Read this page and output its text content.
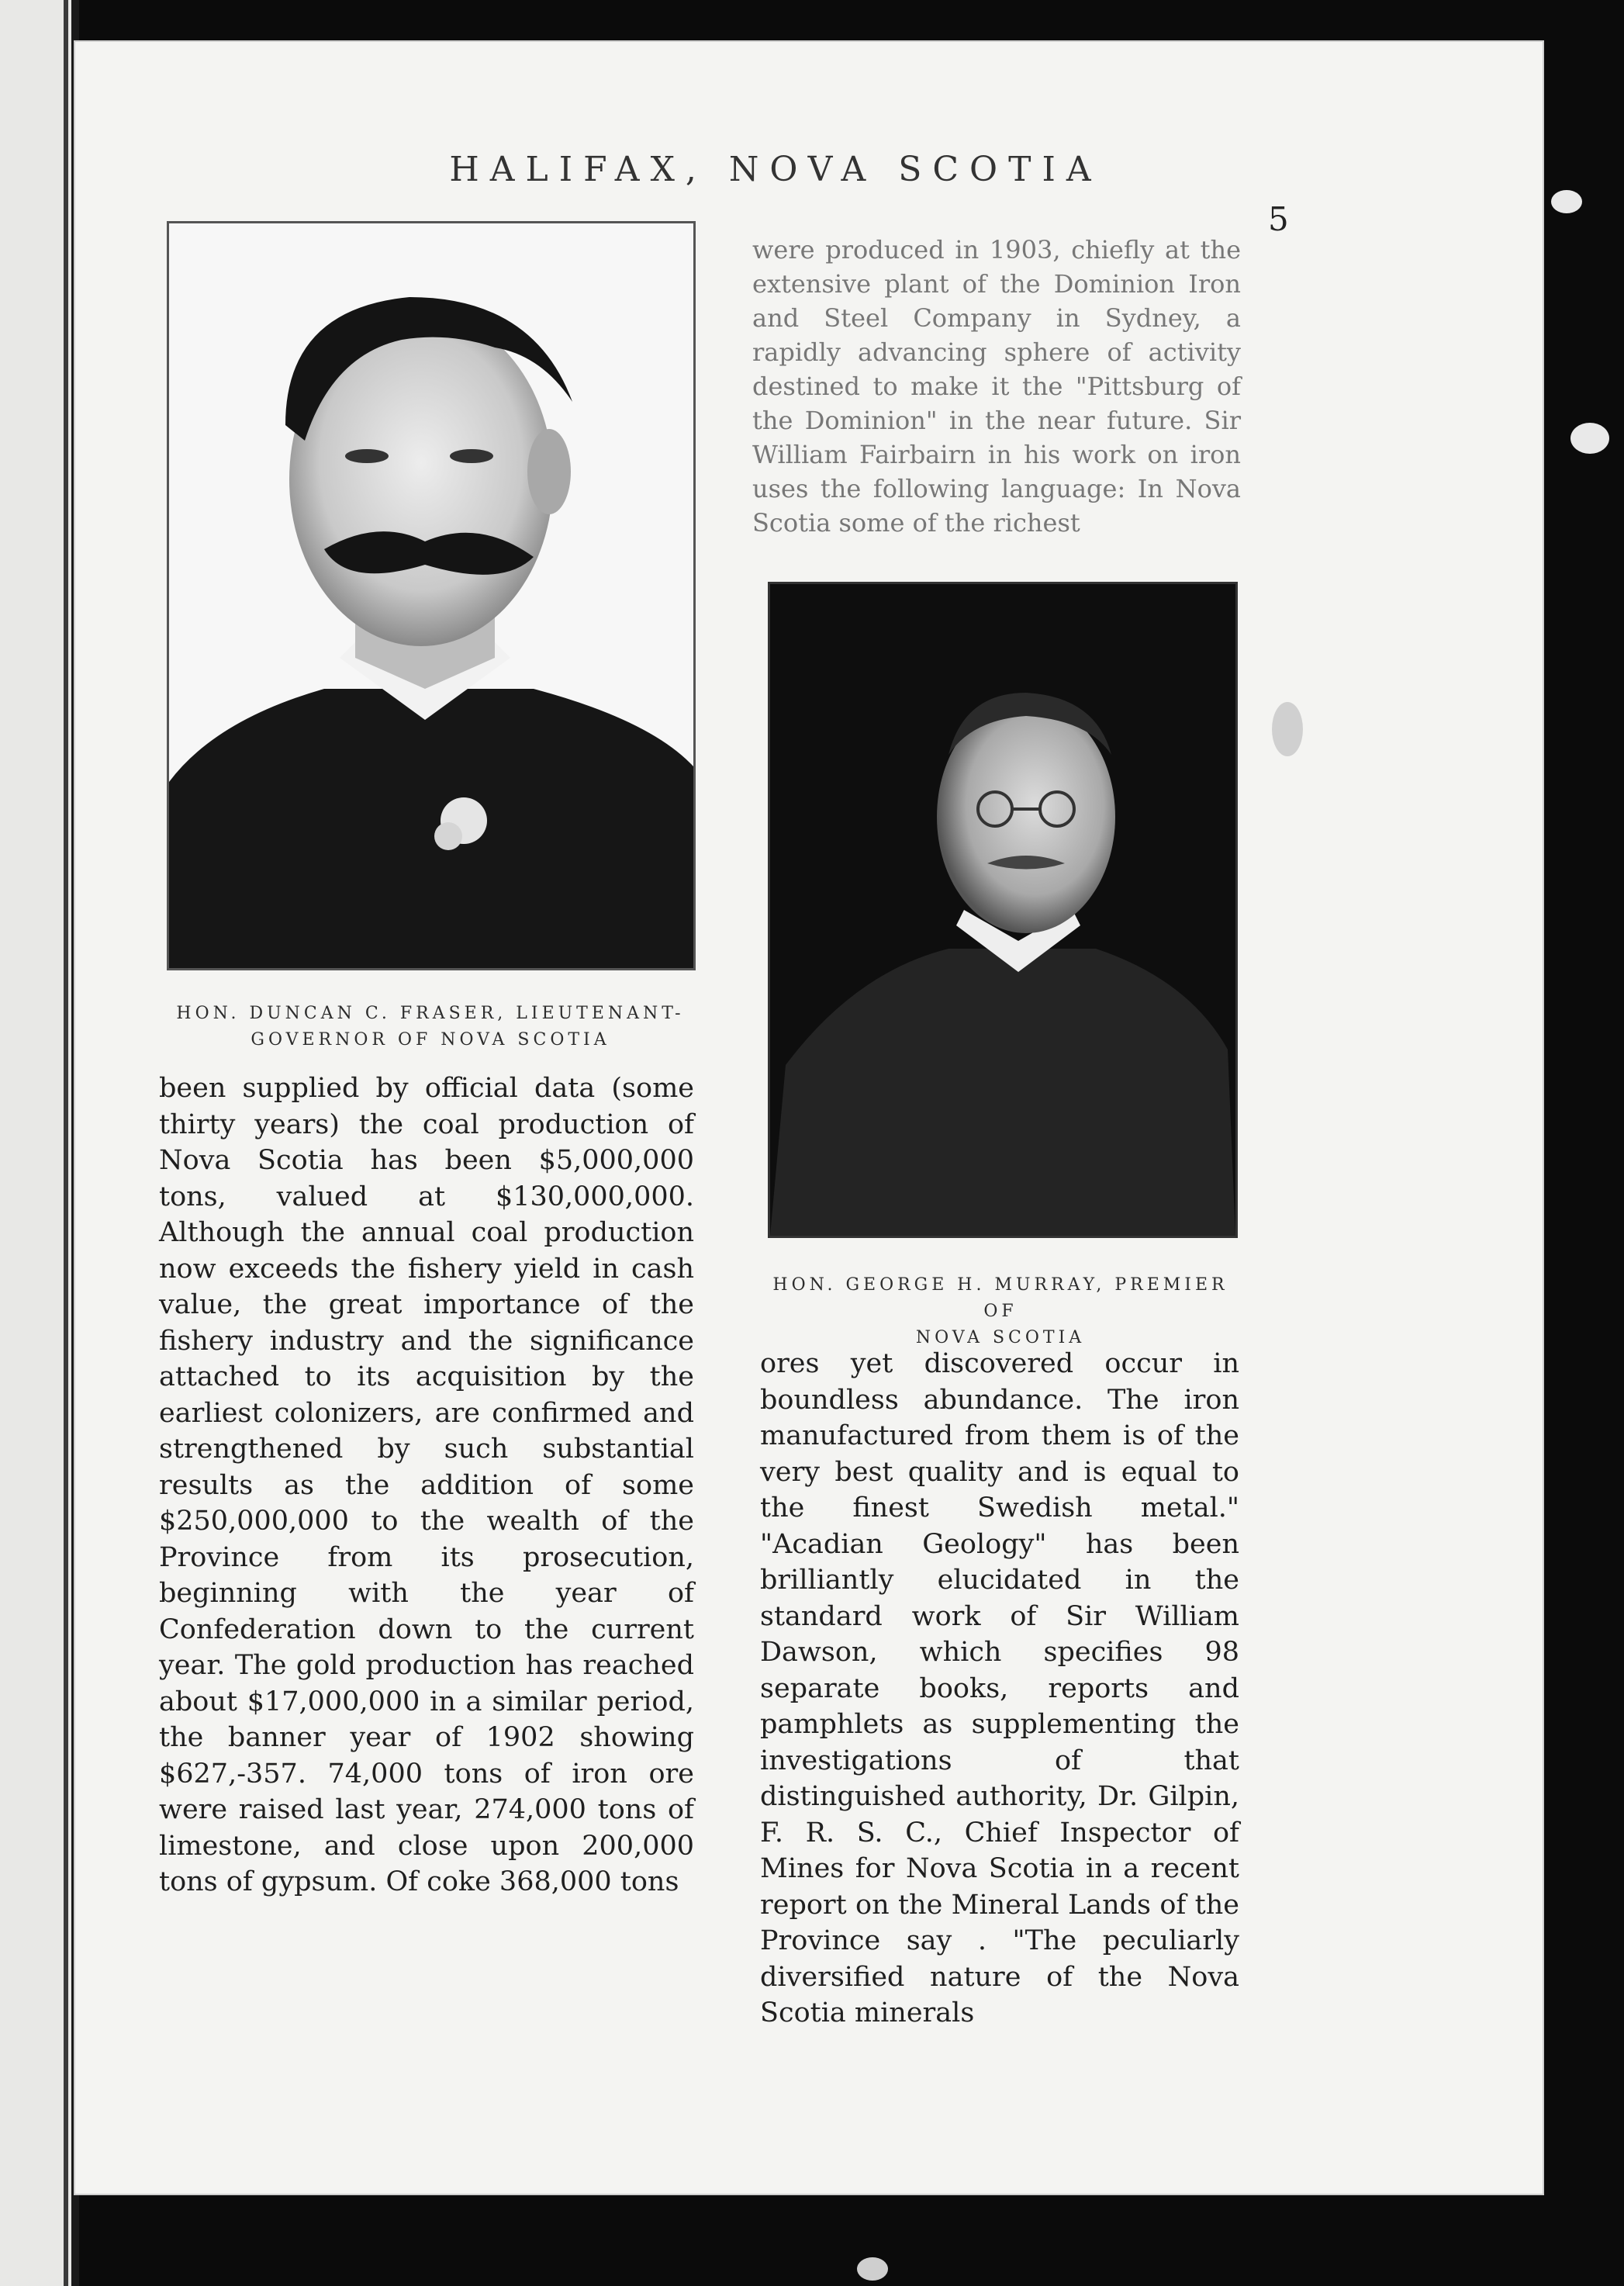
HALIFAX, NOVA SCOTIA
5
HON. DUNCAN C. FRASER, LIEUTENANT-
GOVERNOR OF NOVA SCOTIA
HON. GEORGE H. MURRAY, PREMIER OF
NOVA SCOTIA

were produced in 1903, chiefly at the extensive plant of the Dominion Iron and Steel Company in Sydney, a rapidly advancing sphere of activity destined to make it the "Pittsburg of the Dominion" in the near future. Sir William Fairbairn in his work on iron uses the following language: In Nova Scotia some of the richest

been supplied by official data (some thirty years) the coal production of Nova Scotia has been $5,000,000 tons, valued at $130,000,000. Although the annual coal production now exceeds the fishery yield in cash value, the great importance of the fishery industry and the significance attached to its acquisition by the earliest colonizers, are confirmed and strengthened by such substantial results as the addition of some $250,000,000 to the wealth of the Province from its prosecution, beginning with the year of Confederation down to the current year. The gold production has reached about $17,000,000 in a similar period, the banner year of 1902 showing $627,-357. 74,000 tons of iron ore were raised last year, 274,000 tons of limestone, and close upon 200,000 tons of gypsum. Of coke 368,000 tons

ores yet discovered occur in boundless abundance. The iron manufactured from them is of the very best quality and is equal to the finest Swedish metal." "Acadian Geology" has been brilliantly elucidated in the standard work of Sir William Dawson, which specifies 98 separate books, reports and pamphlets as supplementing the investigations of that distinguished authority, Dr. Gilpin, F. R. S. C., Chief Inspector of Mines for Nova Scotia in a recent report on the Mineral Lands of the Province say . "The peculiarly diversified nature of the Nova Scotia minerals
